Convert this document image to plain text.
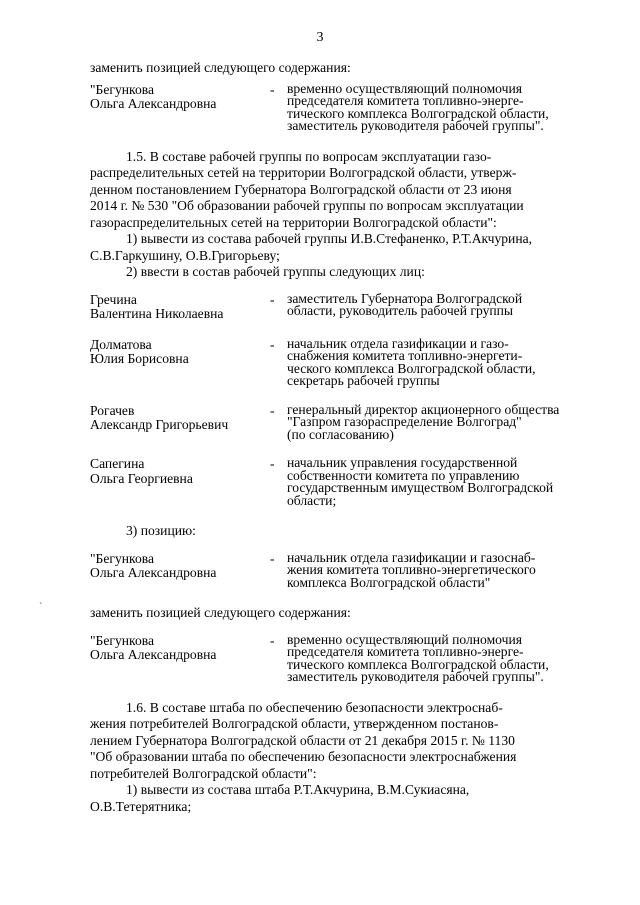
3
`

заменить позицией следующего содержания:

"Бегункова
Ольга Александровна
- временно осуществляющий полномочия
председателя комитета топливно-энерге-
тического комплекса Волгоградской области,
заместитель руководителя рабочей группы".
1.5. В составе рабочей группы по вопросам эксплуатации газо-
распределительных сетей на территории Волгоградской области, утверж-
денном постановлением Губернатора Волгоградской области от 23 июня
2014 г. № 530 "Об образовании рабочей группы по вопросам эксплуатации
газораспределительных сетей на территории Волгоградской области":
1) вывести из состава рабочей группы И.В.Стефаненко, Р.Т.Акчурина,
С.В.Гаркушину, О.В.Григорьеву;
2) ввести в состав рабочей группы следующих лиц:
Гречина
Валентина Николаевна
- заместитель Губернатора Волгоградской
области, руководитель рабочей группы
Долматова
Юлия Борисовна
- начальник отдела газификации и газо-
снабжения комитета топливно-энергети-
ческого комплекса Волгоградской области,
секретарь рабочей группы
Рогачев
Александр Григорьевич
- генеральный директор акционерного общества
"Газпром газораспределение Волгоград"
(по согласованию)
Сапегина
Ольга Георгиевна
- начальник управления государственной
собственности комитета по управлению
государственным имуществом Волгоградской
области;
3) позицию:
"Бегункова
Ольга Александровна
- начальник отдела газификации и газоснаб-
жения комитета топливно-энергетического
комплекса Волгоградской области"

заменить позицией следующего содержания:

"Бегункова
Ольга Александровна
- временно осуществляющий полномочия
председателя комитета топливно-энерге-
тического комплекса Волгоградской области,
заместитель руководителя рабочей группы".
1.6. В составе штаба по обеспечению безопасности электроснаб-
жения потребителей Волгоградской области, утвержденном постанов-
лением Губернатора Волгоградской области от 21 декабря 2015 г. № 1130
"Об образовании штаба по обеспечению безопасности электроснабжения
потребителей Волгоградской области":
1) вывести из состава штаба Р.Т.Акчурина, В.М.Сукиасяна,
О.В.Тетерятника;
